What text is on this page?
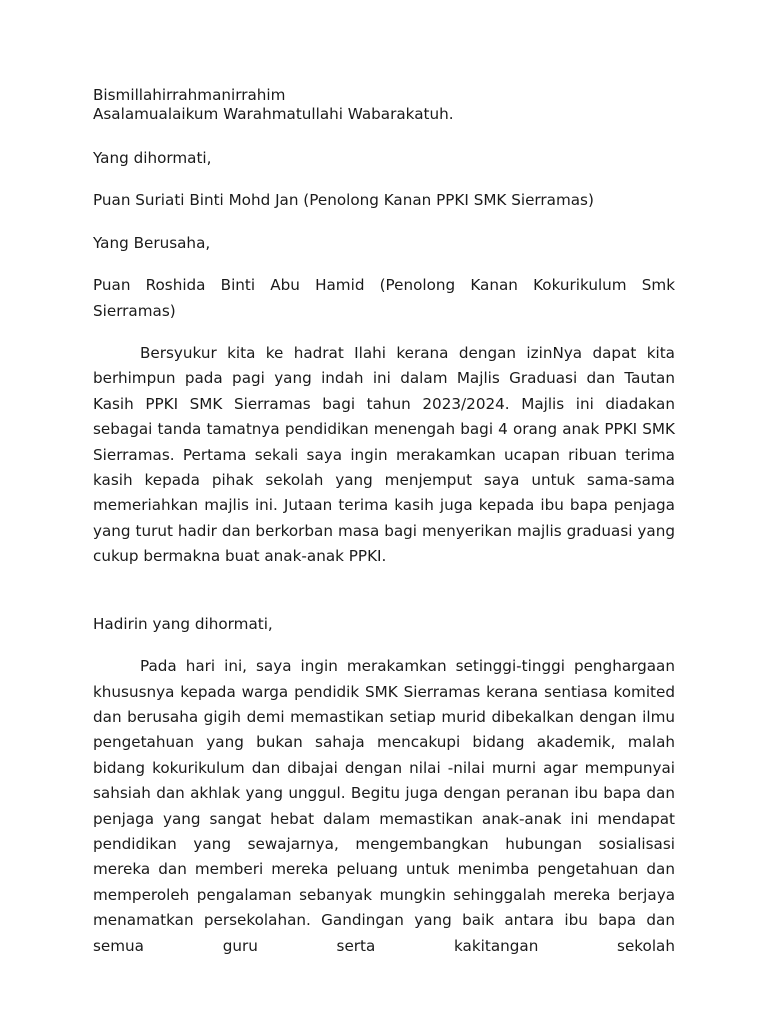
Bismillahirrahmanirrahim
Asalamualaikum Warahmatullahi Wabarakatuh.
Yang dihormati,
Puan Suriati Binti Mohd Jan (Penolong Kanan PPKI SMK Sierramas)
Yang Berusaha,
Puan Roshida Binti Abu Hamid (Penolong Kanan Kokurikulum Smk Sierramas)
Bersyukur kita ke hadrat Ilahi kerana dengan izinNya dapat kita berhimpun pada pagi yang indah ini dalam Majlis Graduasi dan Tautan Kasih PPKI SMK Sierramas bagi tahun 2023/2024. Majlis ini diadakan sebagai tanda tamatnya pendidikan menengah bagi 4 orang anak PPKI SMK Sierramas. Pertama sekali saya ingin merakamkan ucapan ribuan terima kasih kepada pihak sekolah yang menjemput saya untuk sama-sama memeriahkan majlis ini. Jutaan terima kasih juga kepada ibu bapa penjaga yang turut hadir dan berkorban masa bagi menyerikan majlis graduasi yang cukup bermakna buat anak-anak PPKI.
Hadirin yang dihormati,
Pada hari ini, saya ingin merakamkan setinggi-tinggi penghargaan khususnya kepada warga pendidik SMK Sierramas kerana sentiasa komited dan berusaha gigih demi memastikan setiap murid dibekalkan dengan ilmu pengetahuan yang bukan sahaja mencakupi bidang akademik, malah bidang kokurikulum dan dibajai dengan nilai -nilai murni agar mempunyai sahsiah dan akhlak yang unggul. Begitu juga dengan peranan ibu bapa dan penjaga yang sangat hebat dalam memastikan anak-anak ini mendapat pendidikan yang sewajarnya, mengembangkan hubungan sosialisasi mereka dan memberi mereka peluang untuk menimba pengetahuan dan memperoleh pengalaman sebanyak mungkin sehinggalah mereka berjaya menamatkan persekolahan. Gandingan yang baik antara ibu bapa dan semua guru serta kakitangan sekolah
